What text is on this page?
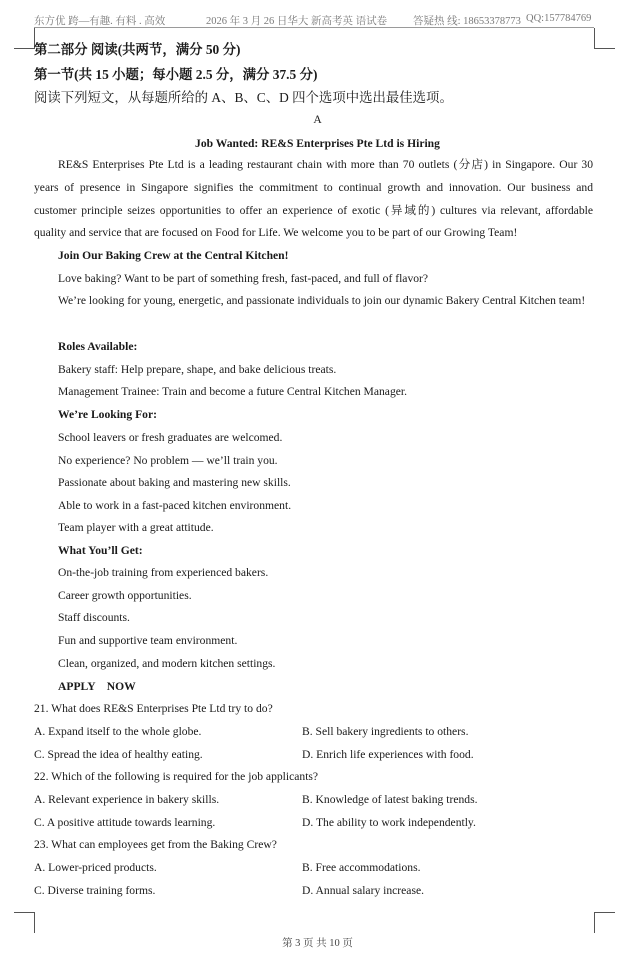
东方优 跨—有趣. 有料 . 高效	2026 年 3 月 26 日华大 新高考英 语试卷 答疑热 线: 18653378773 QQ:157784769
第二部分 阅读(共两节，满分 50 分)
第一节(共 15 小题；每小题 2.5 分，满分 37.5 分)
阅读下列短文，从每题所给的 A、B、C、D 四个选项中选出最佳选项。
A
Job Wanted: RE&S Enterprises Pte Ltd is Hiring
RE&S Enterprises Pte Ltd is a leading restaurant chain with more than 70 outlets (分店) in Singapore. Our 30 years of presence in Singapore signifies the commitment to continual growth and innovation. Our business and customer principle seizes opportunities to offer an experience of exotic (异域的) cultures via relevant, affordable quality and service that are focused on Food for Life. We welcome you to be part of our Growing Team!
Join Our Baking Crew at the Central Kitchen!
Love baking? Want to be part of something fresh, fast-paced, and full of flavor?
We’re looking for young, energetic, and passionate individuals to join our dynamic Bakery Central Kitchen team!
Roles Available:
Bakery staff: Help prepare, shape, and bake delicious treats.
Management Trainee: Train and become a future Central Kitchen Manager.
We’re Looking For:
School leavers or fresh graduates are welcomed.
No experience? No problem — we’ll train you.
Passionate about baking and mastering new skills.
Able to work in a fast-paced kitchen environment.
Team player with a great attitude.
What You’ll Get:
On-the-job training from experienced bakers.
Career growth opportunities.
Staff discounts.
Fun and supportive team environment.
Clean, organized, and modern kitchen settings.
APPLY    NOW
21. What does RE&S Enterprises Pte Ltd try to do?
A. Expand itself to the whole globe.	B. Sell bakery ingredients to others.
C. Spread the idea of healthy eating.	D. Enrich life experiences with food.
22. Which of the following is required for the job applicants?
A. Relevant experience in bakery skills.	B. Knowledge of latest baking trends.
C. A positive attitude towards learning.	D. The ability to work independently.
23. What can employees get from the Baking Crew?
A. Lower-priced products.	B. Free accommodations.
C. Diverse training forms.	D. Annual salary increase.
第 3 页 共 10 页
